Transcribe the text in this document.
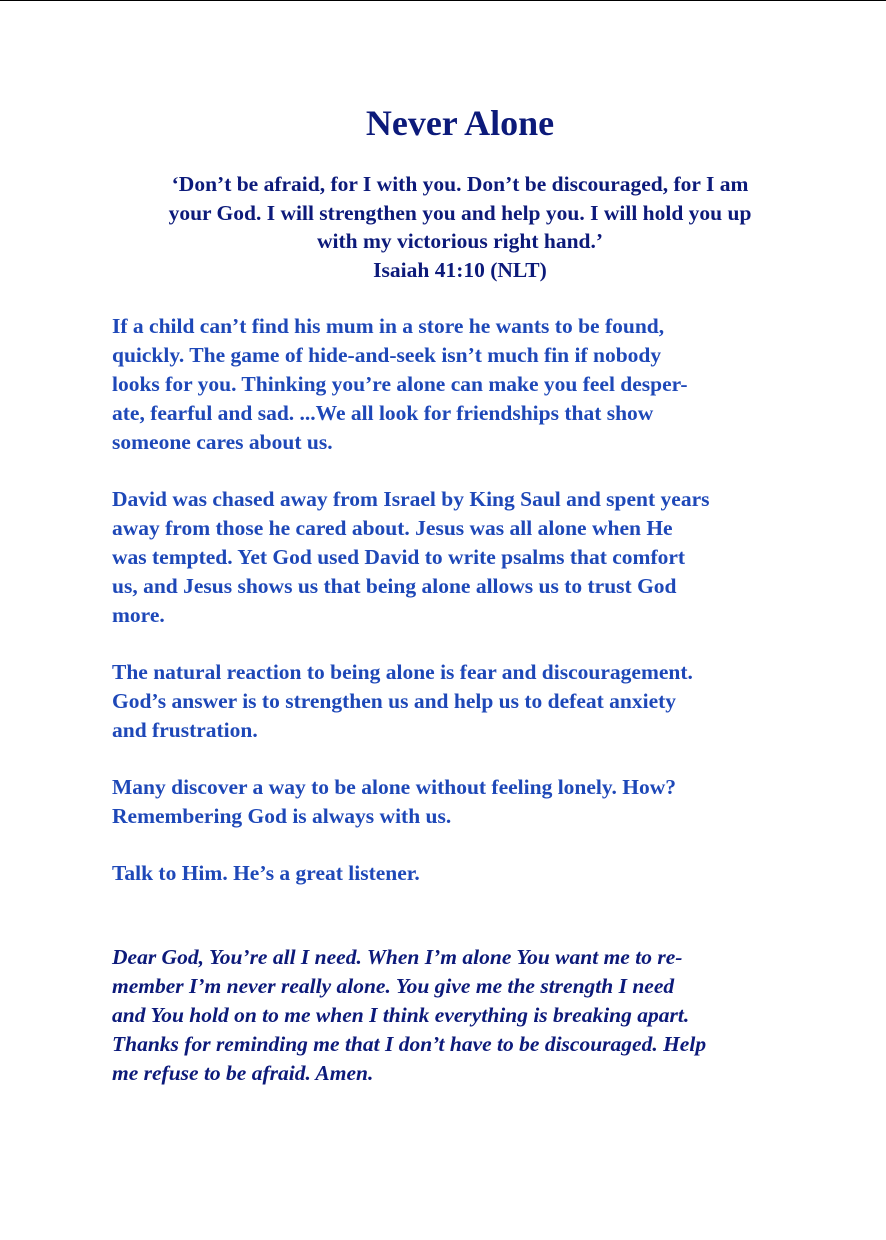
Never Alone
‘Don’t be afraid, for I with you. Don’t be discouraged, for I am
your God. I will strengthen you and help you. I will hold you up
with my victorious right hand.’
Isaiah 41:10 (NLT)

If a child can’t find his mum in a store he wants to be found,
quickly. The game of hide-and-seek isn’t much fin if nobody
looks for you. Thinking you’re alone can make you feel desper-
ate, fearful and sad. ...We all look for friendships that show
someone cares about us.

David was chased away from Israel by King Saul and spent years
away from those he cared about. Jesus was all alone when He
was tempted. Yet God used David to write psalms that comfort
us, and Jesus shows us that being alone allows us to trust God
more.

The natural reaction to being alone is fear and discouragement.
God’s answer is to strengthen us and help us to defeat anxiety
and frustration.

Many discover a way to be alone without feeling lonely. How?
Remembering God is always with us.

Talk to Him. He’s a great listener.

Dear God, You’re all I need. When I’m alone You want me to re-
member I’m never really alone. You give me the strength I need
and You hold on to me when I think everything is breaking apart.
Thanks for reminding me that I don’t have to be discouraged. Help
me refuse to be afraid. Amen.
